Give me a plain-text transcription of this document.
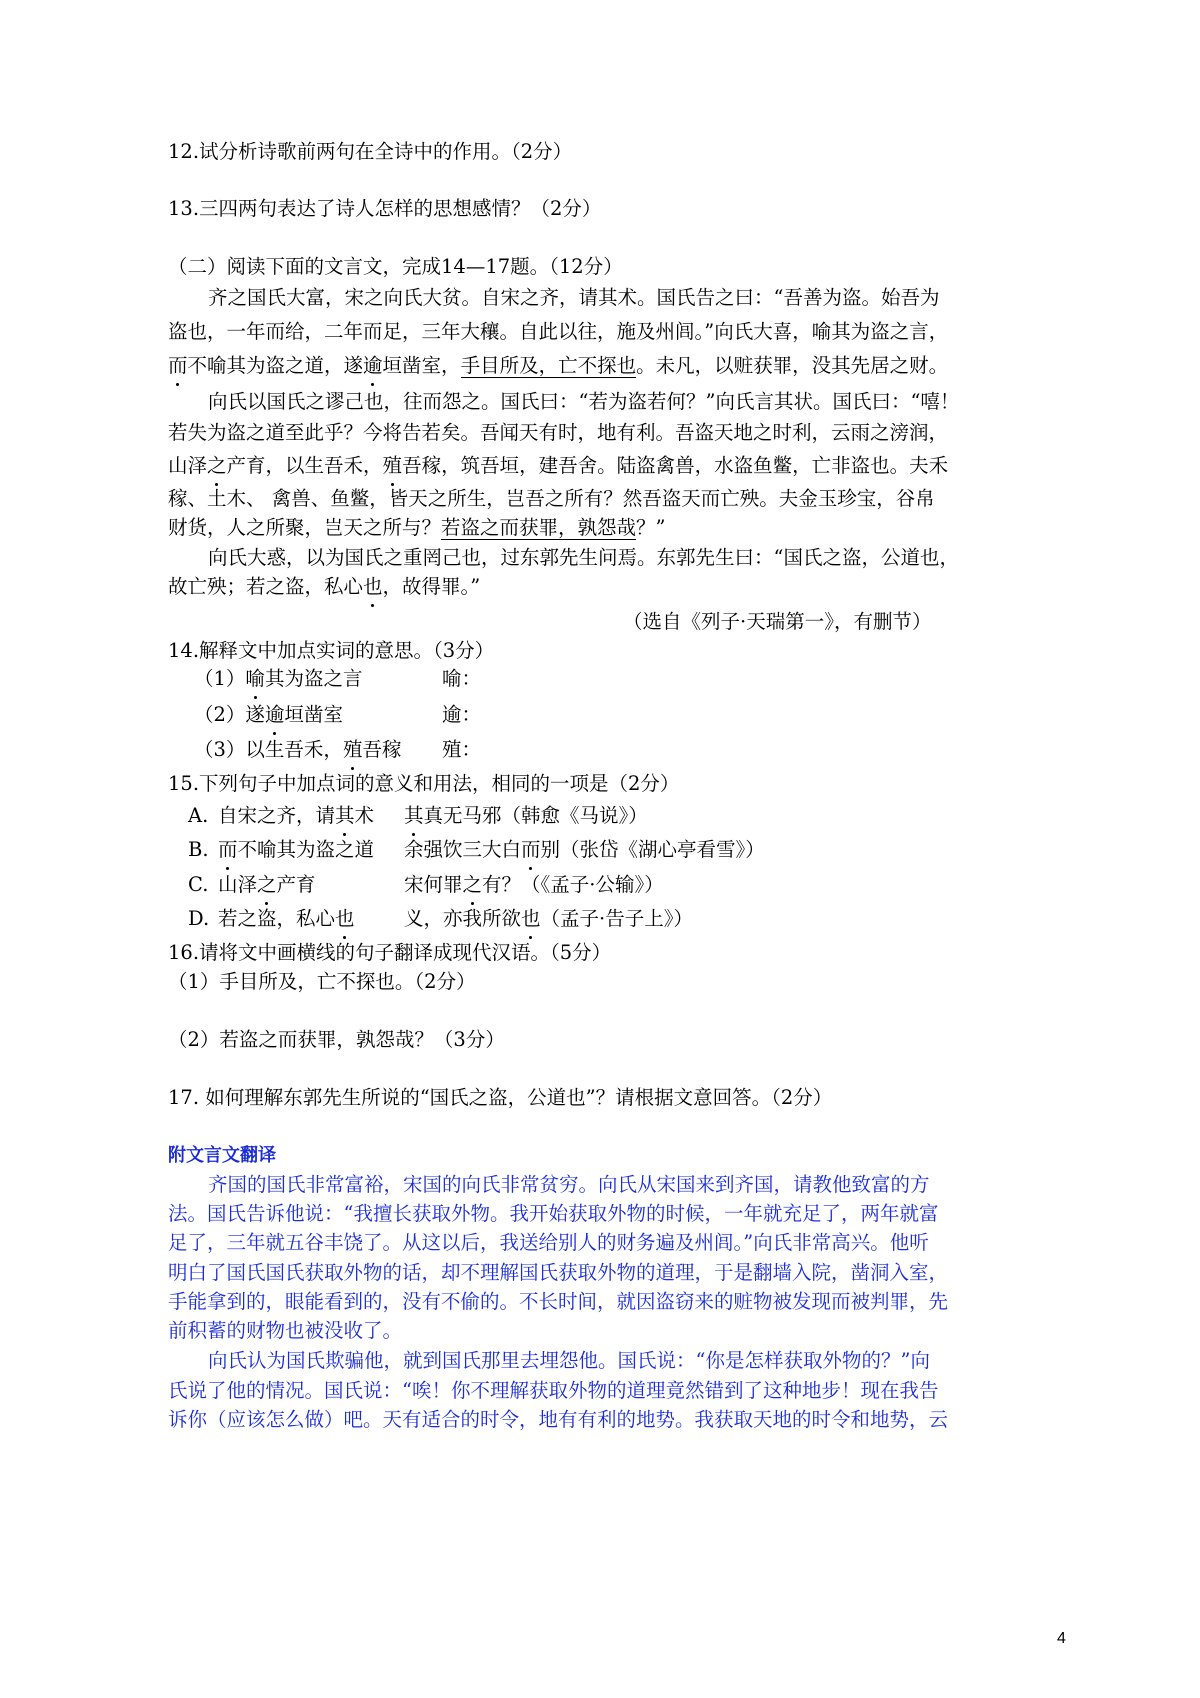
12.试分析诗歌前两句在全诗中的作用。（2分）
13.三四两句表达了诗人怎样的思想感情？（2分）
（二）阅读下面的文言文，完成14—17题。（12分）
齐之国氏大富，宋之向氏大贫。自宋之齐，请其术。国氏告之曰：“吾善为盗。始吾为
盗也，一年而给，二年而足，三年大穰。自此以往，施及州闾。”向氏大喜，喻其为盗之言，
而不喻其为盗之道，遂逾垣凿室，手目所及，亡不探也。未凡，以赃获罪，没其先居之财。
向氏以国氏之谬己也，往而怨之。国氏曰：“若为盗若何？”向氏言其状。国氏曰：“嘻！
若失为盗之道至此乎？今将告若矣。吾闻天有时，地有利。吾盗天地之时利，云雨之滂润，
山泽之产育，以生吾禾，殖吾稼，筑吾垣，建吾舍。陆盗禽兽，水盗鱼鳖，亡非盗也。夫禾
稼、土木、 禽兽、鱼鳖，皆天之所生，岂吾之所有？然吾盗天而亡殃。夫金玉珍宝，谷帛
财货，人之所聚，岂天之所与？若盗之而获罪，孰怨哉？”
向氏大惑，以为国氏之重罔己也，过东郭先生问焉。东郭先生曰：“国氏之盗，公道也，
故亡殃；若之盗，私心也，故得罪。”
（选自《列子·天瑞第一》，有删节）
14.解释文中加点实词的意思。（3分）
（1）喻其为盗之言	喻：
（2）遂逾垣凿室	逾：
（3）以生吾禾，殖吾稼 殖：
15.下列句子中加点词的意义和用法，相同的一项是（2分）
A. 自宋之齐，请其术 其真无马邪（韩愈《马说》）
B. 而不喻其为盗之道 余强饮三大白而别（张岱《湖心亭看雪》）
C. 山泽之产育	宋何罪之有？（《孟子·公输》）
D. 若之盗，私心也	义，亦我所欲也（孟子·告子上》）
16.请将文中画横线的句子翻译成现代汉语。（5分）
（1）手目所及，亡不探也。（2分）
（2）若盗之而获罪，孰怨哉？（3分）
17. 如何理解东郭先生所说的“国氏之盗，公道也”？请根据文意回答。（2分）
附文言文翻译
齐国的国氏非常富裕，宋国的向氏非常贫穷。向氏从宋国来到齐国，请教他致富的方
法。国氏告诉他说：“我擅长获取外物。我开始获取外物的时候，一年就充足了，两年就富
足了，三年就五谷丰饶了。从这以后，我送给别人的财务遍及州闾。”向氏非常高兴。他听
明白了国氏国氏获取外物的话，却不理解国氏获取外物的道理，于是翻墙入院，凿洞入室，
手能拿到的，眼能看到的，没有不偷的。不长时间，就因盗窃来的赃物被发现而被判罪，先
前积蓄的财物也被没收了。
向氏认为国氏欺骗他，就到国氏那里去埋怨他。国氏说：“你是怎样获取外物的？”向
氏说了他的情况。国氏说：“唉！你不理解获取外物的道理竟然错到了这种地步！现在我告
诉你（应该怎么做）吧。天有适合的时令，地有有利的地势。我获取天地的时令和地势，云
4
